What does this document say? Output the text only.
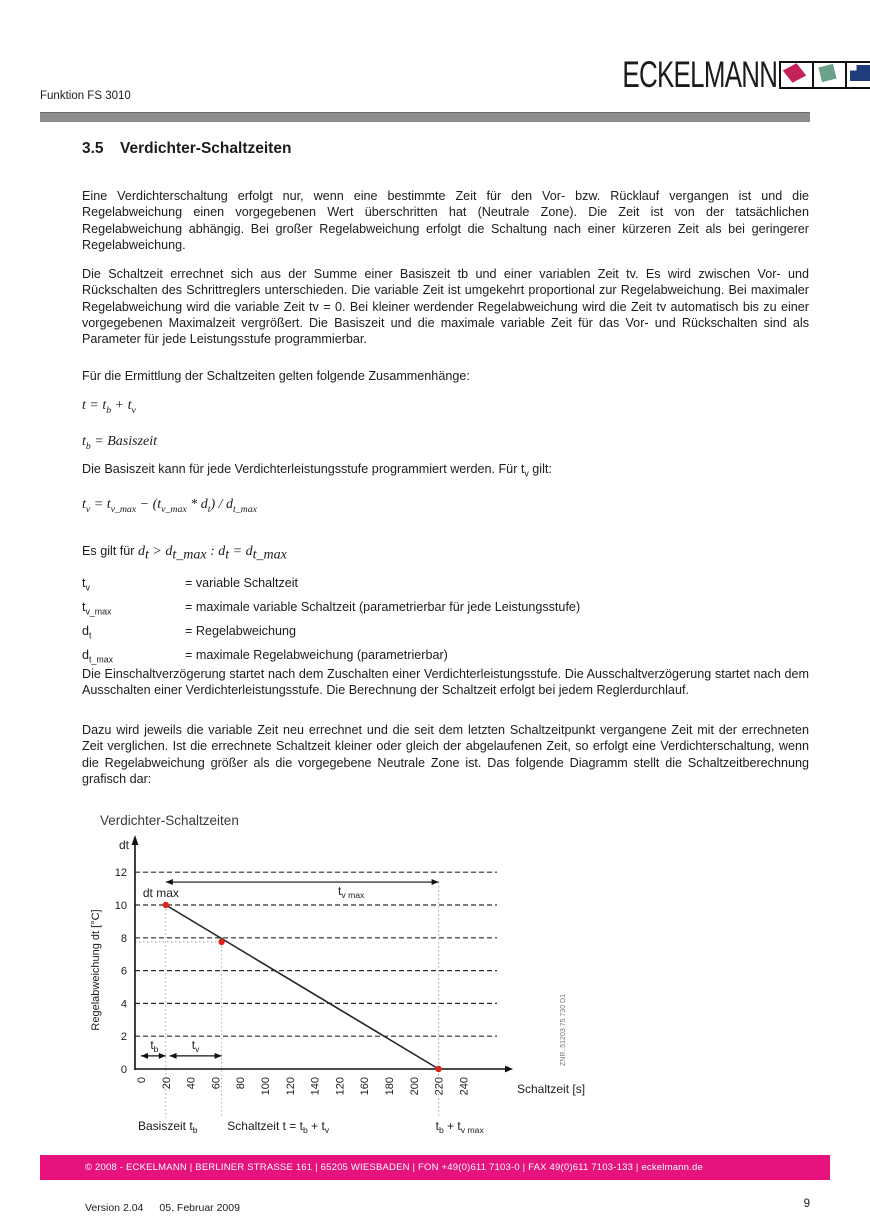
Funktion FS 3010
ECKELMANN
3.5	Verdichter-Schaltzeiten
Eine Verdichterschaltung erfolgt nur, wenn eine bestimmte Zeit für den Vor- bzw. Rücklauf vergangen ist und die Regelabweichung einen vorgegebenen Wert überschritten hat (Neutrale Zone). Die Zeit ist von der tatsächlichen Regelabweichung abhängig. Bei großer Regelabweichung erfolgt die Schaltung nach einer kürzeren Zeit als bei geringerer Regelabweichung.
Die Schaltzeit errechnet sich aus der Summe einer Basiszeit tb und einer variablen Zeit tv. Es wird zwischen Vor- und Rückschalten des Schrittreglers unterschieden. Die variable Zeit ist umgekehrt proportional zur Regelabweichung. Bei maximaler Regelabweichung wird die variable Zeit tv = 0. Bei kleiner werdender Regelabweichung wird die Zeit tv automatisch bis zu einer vorgegebenen Maximalzeit vergrößert. Die Basiszeit und die maximale variable Zeit für das Vor- und Rückschalten sind als Parameter für jede Leistungsstufe programmierbar.
Für die Ermittlung der Schaltzeiten gelten folgende Zusammenhänge:
$t = t_b + t_v$
$t_b$ = Basiszeit
Die Basiszeit kann für jede Verdichterleistungsstufe programmiert werden. Für $t_v$ gilt:
$t_v = t_{v\_max} - (t_{v\_max} * d_t) / d_{t\_max}$
Es gilt für $d_t > d_{t\_max}$ : $d_t = d_{t\_max}$
$t_v$	= variable Schaltzeit
$t_{v\_max}$	= maximale variable Schaltzeit (parametrierbar für jede Leistungsstufe)
$d_t$	= Regelabweichung
$d_{t\_max}$	= maximale Regelabweichung (parametrierbar)
Die Einschaltverzögerung startet nach dem Zuschalten einer Verdichterleistungsstufe. Die Ausschaltverzögerung startet nach dem Ausschalten einer Verdichterleistungsstufe. Die Berechnung der Schaltzeit erfolgt bei jedem Reglerdurchlauf.
Dazu wird jeweils die variable Zeit neu errechnet und die seit dem letzten Schaltzeitpunkt vergangene Zeit mit der errechneten Zeit verglichen. Ist die errechnete Schaltzeit kleiner oder gleich der abgelaufenen Zeit, so erfolgt eine Verdichterschaltung, wenn die Regelabweichung größer als die vorgegebene Neutrale Zone ist. Das folgende Diagramm stellt die Schaltzeitberechnung grafisch dar:
Verdichter-Schaltzeiten
0
2
4
6
8
10
12
dt
Schaltzeit [s]
Regelabweichung dt [°C]
0 20 40 60 80 100 120 140 120 160 180 200 220 240
$t_{v max}$
$t_b$	$t_v$
dt max
Basiszeit $t_b$ Schaltzeit $t = t_b + t_v$	$t_b + t_{v max}$
ZNR. 51203 75 730 D1
© 2008 - ECKELMANN | BERLINER STRASSE 161 | 65205 WIESBADEN | FON +49(0)611 7103-0 | FAX 49(0)611 7103-133 | eckelmann.de
Version 2.04 05. Februar 2009	9
